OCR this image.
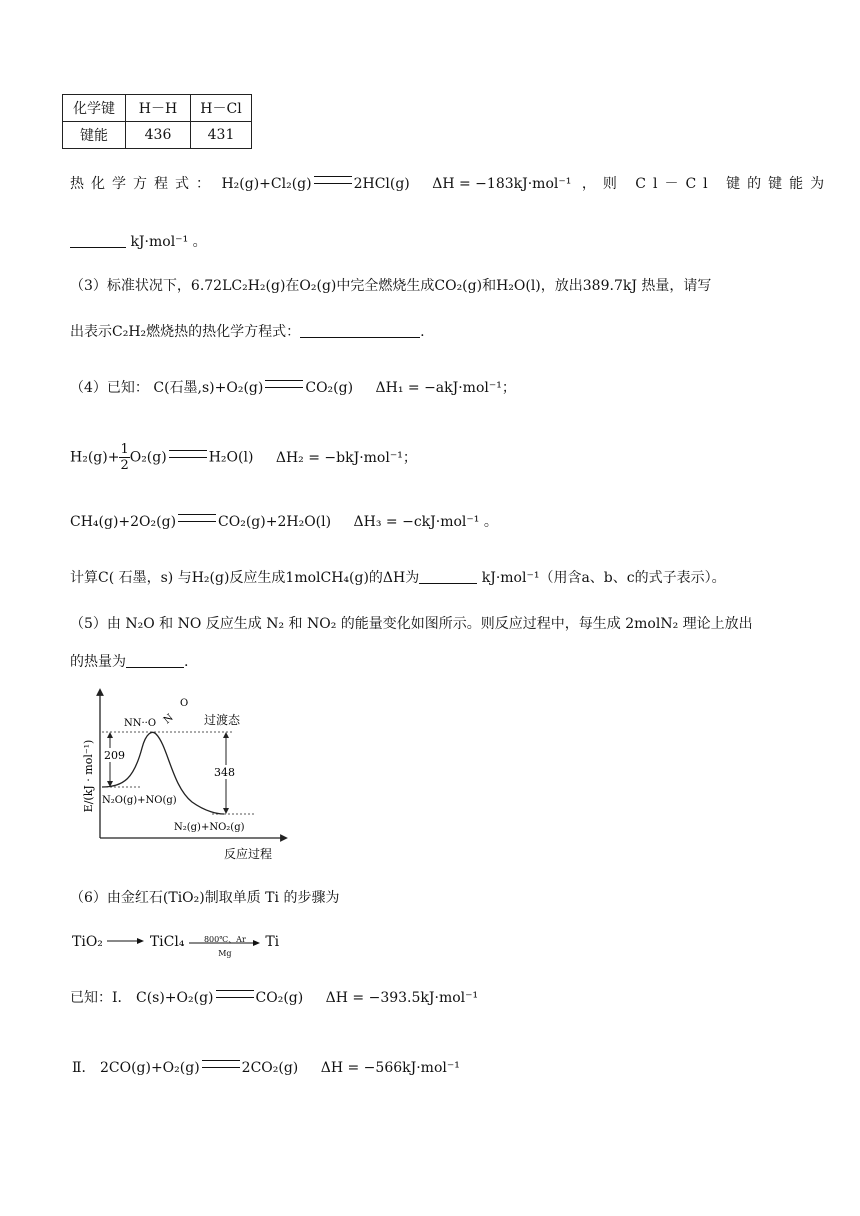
化学键	H－H	H－Cl
键能	436	431
热化学方程式： H₂(g)+Cl₂(g)	2HCl(g) ΔH = −183kJ·mol⁻¹ ，则 Cl－Cl 键的键能为
kJ·mol⁻¹ 。
（3）标准状况下，6.72LC₂H₂(g)在O₂(g)中完全燃烧生成CO₂(g)和H₂O(l)，放出389.7kJ 热量，请写
出表示C₂H₂燃烧热的热化学方程式：	.
（4）已知： C(石墨,s)+O₂(g)	CO₂(g) ΔH₁ = −akJ·mol⁻¹；
$H_2(g)+ \frac{1}{2} O_2(g)$	H₂O(l) ΔH₂ = −bkJ·mol⁻¹；
CH₄(g)+2O₂(g)	CO₂(g)+2H₂O(l) ΔH₃ = −ckJ·mol⁻¹ 。
计算C( 石墨，s) 与H₂(g)反应生成1molCH₄(g)的ΔH为	kJ·mol⁻¹（用含a、b、c的式子表示）。
（5）由 N₂O 和 NO 反应生成 N₂ 和 NO₂ 的能量变化如图所示。则反应过程中，每生成 2molN₂ 理论上放出
的热量为	.
E/(kJ · mol⁻¹)
反应过程
209
348
NN··O N
O
过渡态
N₂O(g)+NO(g)
N₂(g)+NO₂(g)
（6）由金红石(TiO₂)制取单质 Ti 的步骤为
TiO₂	TiCl₄	800℃、Ar
Mg
Ti
已知：Ⅰ． C(s)+O₂(g)	CO₂(g) ΔH = −393.5kJ·mol⁻¹
Ⅱ． 2CO(g)+O₂(g)	2CO₂(g) ΔH = −566kJ·mol⁻¹
